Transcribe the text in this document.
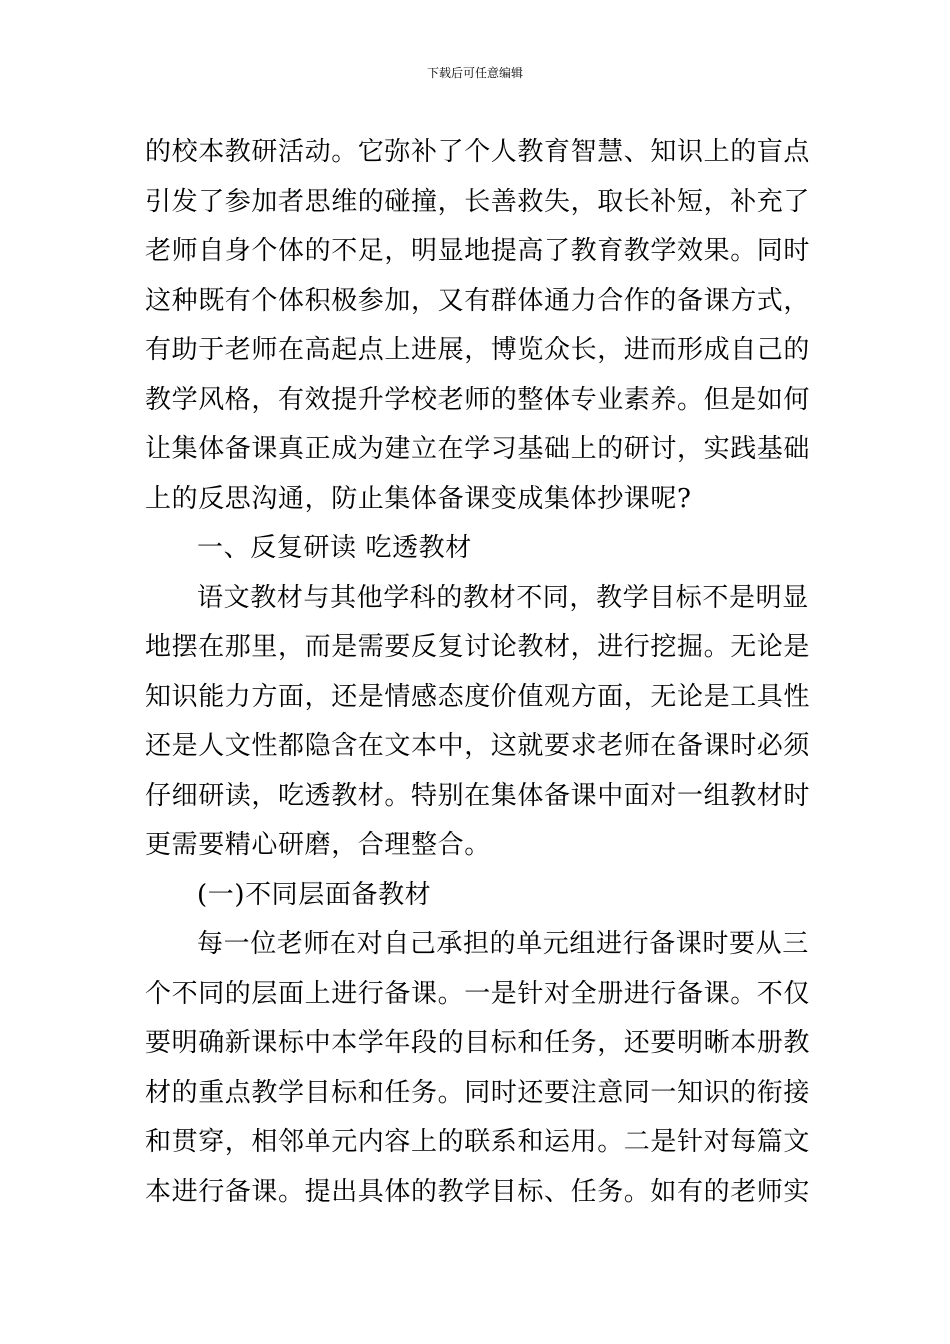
下载后可任意编辑
的校本教研活动。它弥补了个人教育智慧、知识上的盲点
引发了参加者思维的碰撞，长善救失，取长补短，补充了
老师自身个体的不足，明显地提高了教育教学效果。同时
这种既有个体积极参加，又有群体通力合作的备课方式，
有助于老师在高起点上进展，博览众长，进而形成自己的
教学风格，有效提升学校老师的整体专业素养。但是如何
让集体备课真正成为建立在学习基础上的研讨，实践基础
上的反思沟通，防止集体备课变成集体抄课呢?
一、反复研读 吃透教材
语文教材与其他学科的教材不同，教学目标不是明显
地摆在那里，而是需要反复讨论教材，进行挖掘。无论是
知识能力方面，还是情感态度价值观方面，无论是工具性
还是人文性都隐含在文本中，这就要求老师在备课时必须
仔细研读，吃透教材。特别在集体备课中面对一组教材时
更需要精心研磨，合理整合。
(一)不同层面备教材
每一位老师在对自己承担的单元组进行备课时要从三
个不同的层面上进行备课。一是针对全册进行备课。不仅
要明确新课标中本学年段的目标和任务，还要明晰本册教
材的重点教学目标和任务。同时还要注意同一知识的衔接
和贯穿，相邻单元内容上的联系和运用。二是针对每篇文
本进行备课。提出具体的教学目标、任务。如有的老师实
